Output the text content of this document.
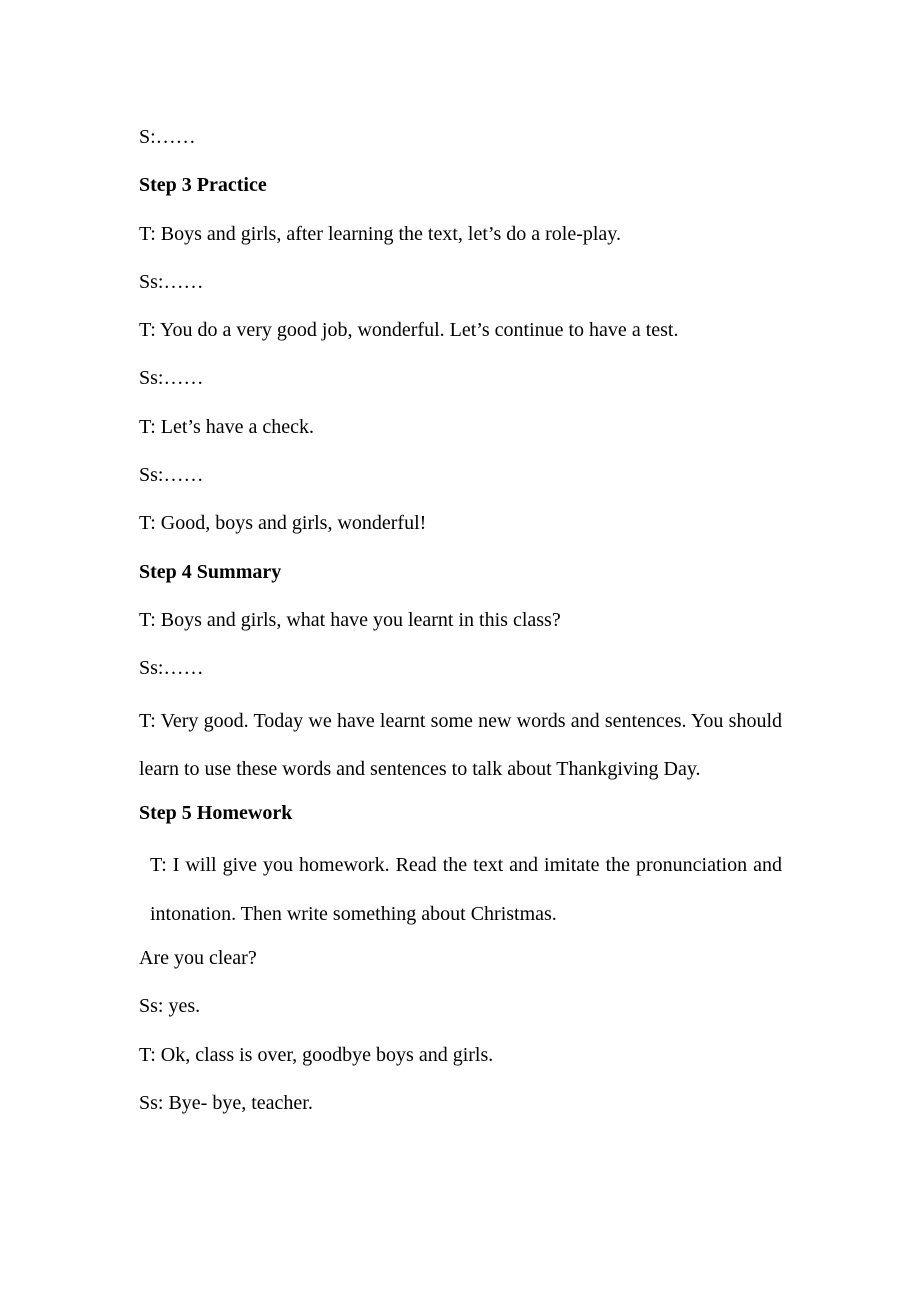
S:……

Step 3 Practice

T: Boys and girls, after learning the text, let’s do a role-play.

Ss:……

T: You do a very good job, wonderful. Let’s continue to have a test.

Ss:……

T: Let’s have a check.

Ss:……

T: Good, boys and girls, wonderful!

Step 4 Summary

T: Boys and girls, what have you learnt in this class?

Ss:……

T: Very good. Today we have learnt some new words and sentences. You should learn to use these words and sentences to talk about Thankgiving Day.

Step 5 Homework

T: I will give you homework. Read the text and imitate the pronunciation and intonation. Then write something about Christmas.

Are you clear?

Ss: yes.

T: Ok, class is over, goodbye boys and girls.

Ss: Bye- bye, teacher.
